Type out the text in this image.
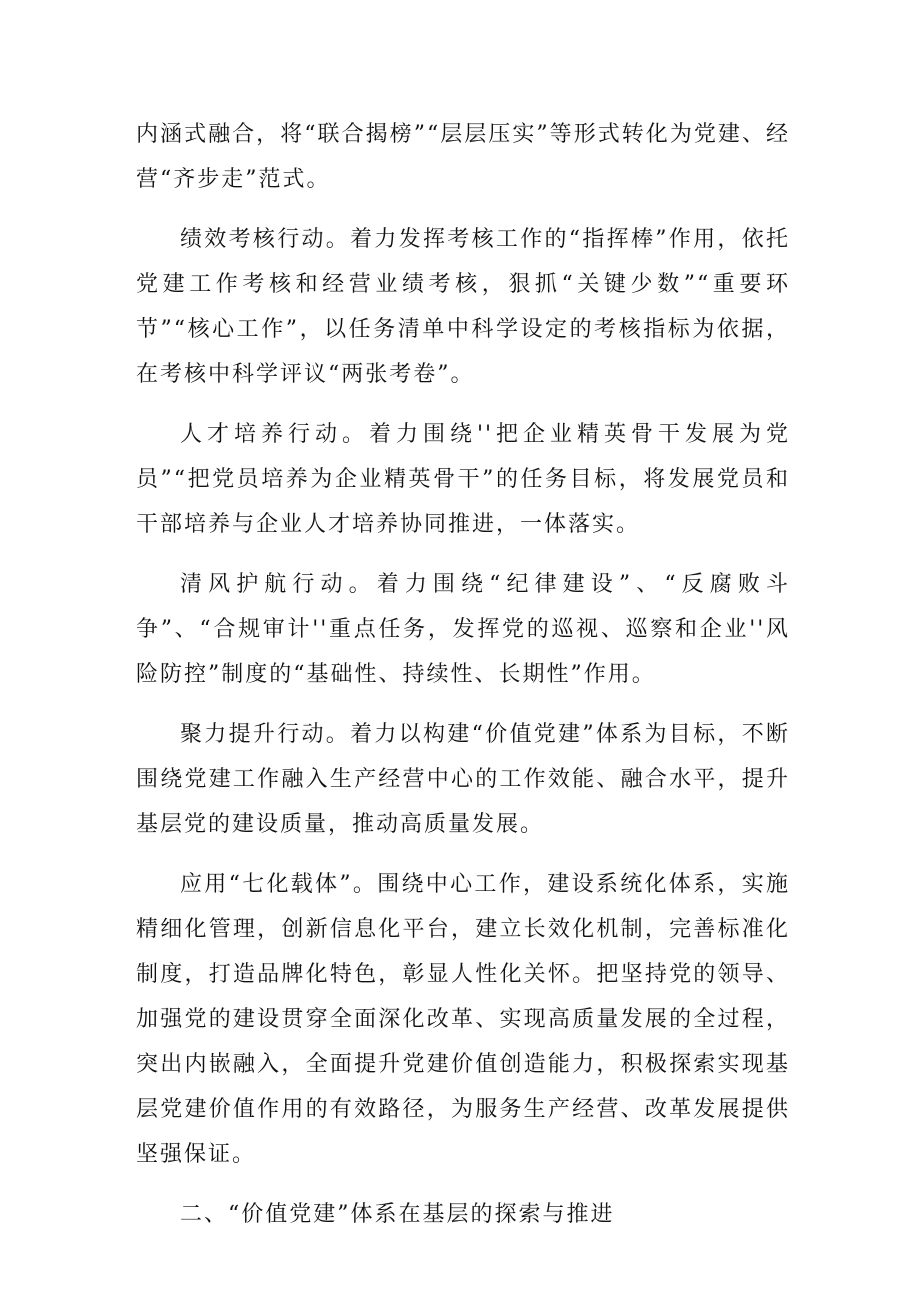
内涵式融合，将“联合揭榜”“层层压实”等形式转化为党建、经营“齐步走”范式。

绩效考核行动。着力发挥考核工作的“指挥棒”作用，依托党建工作考核和经营业绩考核，狠抓“关键少数”“重要环节”“核心工作”，以任务清单中科学设定的考核指标为依据，在考核中科学评议“两张考卷”。

人才培养行动。着力围绕''把企业精英骨干发展为党员”“把党员培养为企业精英骨干”的任务目标，将发展党员和干部培养与企业人才培养协同推进，一体落实。

清风护航行动。着力围绕“纪律建设”、“反腐败斗争”、“合规审计''重点任务，发挥党的巡视、巡察和企业''风险防控”制度的“基础性、持续性、长期性”作用。

聚力提升行动。着力以构建“价值党建”体系为目标，不断围绕党建工作融入生产经营中心的工作效能、融合水平，提升基层党的建设质量，推动高质量发展。

应用“七化载体”。围绕中心工作，建设系统化体系，实施精细化管理，创新信息化平台，建立长效化机制，完善标准化制度，打造品牌化特色，彰显人性化关怀。把坚持党的领导、加强党的建设贯穿全面深化改革、实现高质量发展的全过程，突出内嵌融入，全面提升党建价值创造能力，积极探索实现基层党建价值作用的有效路径，为服务生产经营、改革发展提供坚强保证。

二、“价值党建”体系在基层的探索与推进
